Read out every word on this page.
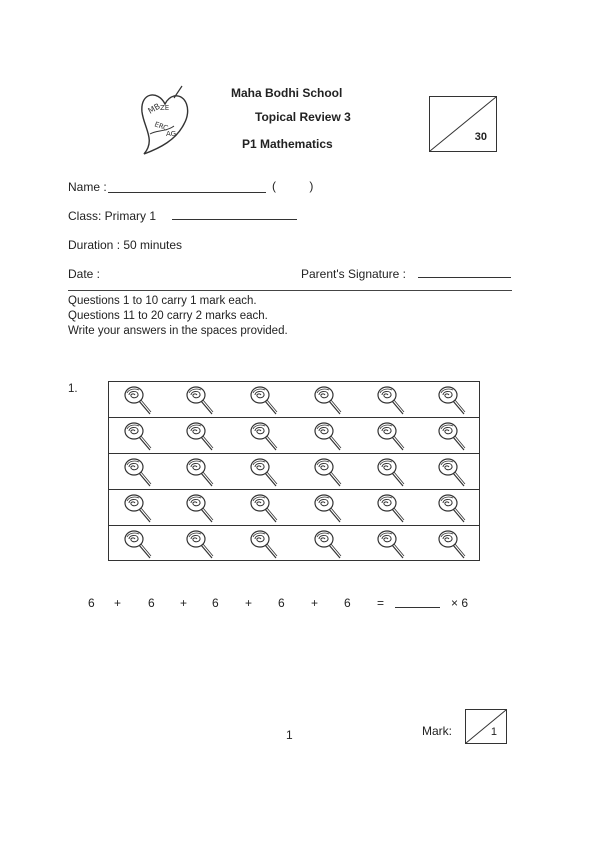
MB
ZE
ERC
AG
Maha Bodhi School
Topical Review 3
P1 Mathematics	30
Name :	(          )
Class: Primary 1
Duration : 50 minutes
Date :	Parent's Signature :
Questions 1 to 10 carry 1 mark each.
Questions 11 to 20 carry 2 marks each.
Write your answers in the spaces provided.
1.
6 + 6 + 6 + 6 + 6 =	× 6
1	Mark:	1
